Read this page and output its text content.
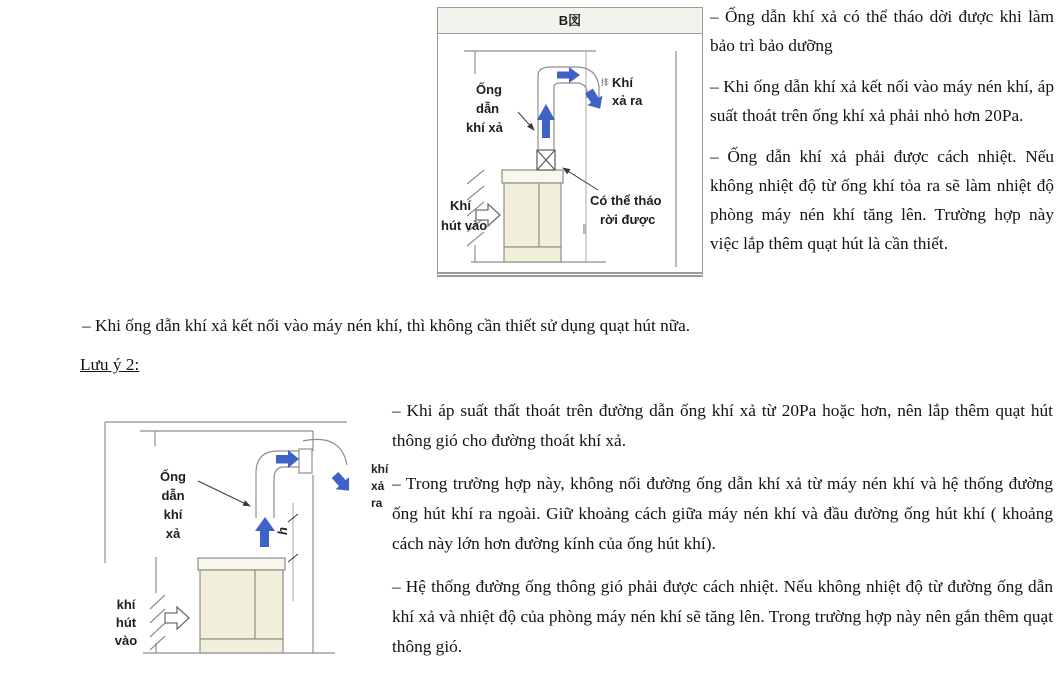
B図
Ống
dẫn
khí xả
排 Khí
xả ra
Khí
hút vào
Có thể tháo
rời được

– Ống dẫn khí xả có thể tháo dời được khi làm bảo trì bảo dưỡng

– Khi ống dẫn khí xả kết nối vào máy nén khí, áp suất thoát trên ống khí xả phải nhỏ hơn 20Pa.

– Ống dẫn khí xả phải được cách nhiệt. Nếu không nhiệt độ từ ống khí tỏa ra sẽ làm nhiệt độ phòng máy nén khí tăng lên. Trường hợp này việc lắp thêm quạt hút là cần thiết.

– Khi ống dẫn khí xả kết nối vào máy nén khí, thì không cần thiết sử dụng quạt hút nữa.
Lưu ý 2:
h
Ống
dẫn
khí
xả
khí
hút
vào
khí
xả
ra

– Khi áp suất thất thoát trên đường dẫn ống khí xả từ 20Pa hoặc hơn, nên lắp thêm quạt hút thông gió cho đường thoát khí xả.

– Trong trường hợp này, không nối đường ống dẫn khí xả từ máy nén khí và hệ thống đường ống hút khí ra ngoài. Giữ khoảng cách giữa máy nén khí và đầu đường ống hút khí ( khoảng cách này lớn hơn đường kính của ống hút khí).

– Hệ thống đường ống thông gió phải được cách nhiệt. Nếu không nhiệt độ từ đường ống dẫn khí xả và nhiệt độ của phòng máy nén khí sẽ tăng lên. Trong trường hợp này nên gắn thêm quạt thông gió.
